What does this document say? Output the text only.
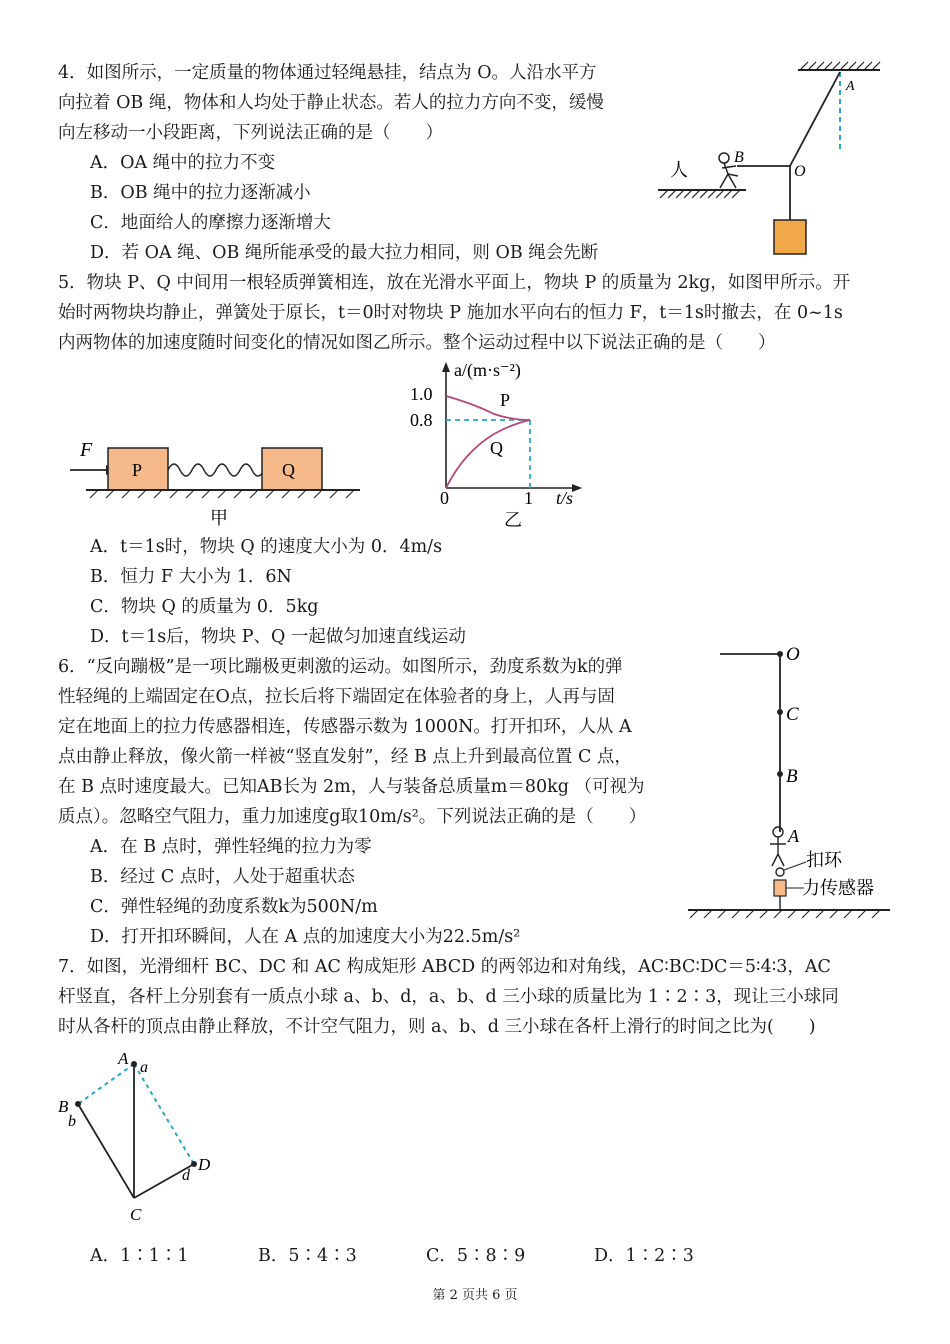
4．如图所示，一定质量的物体通过轻绳悬挂，结点为 O。人沿水平方
向拉着 OB 绳，物体和人均处于静止状态。若人的拉力方向不变，缓慢
向左移动一小段距离，下列说法正确的是（　　）
A．OA 绳中的拉力不变
B．OB 绳中的拉力逐渐减小
C．地面给人的摩擦力逐渐增大
D．若 OA 绳、OB 绳所能承受的最大拉力相同，则 OB 绳会先断
人
B
O
A
5．物块 P、Q 中间用一根轻质弹簧相连，放在光滑水平面上，物块 P 的质量为 2kg，如图甲所示。开
始时两物块均静止，弹簧处于原长，t＝0时对物块 P 施加水平向右的恒力 F，t＝1s时撤去，在 0~1s
内两物体的加速度随时间变化的情况如图乙所示。整个运动过程中以下说法正确的是（　　）
F
P	Q
甲
a/(m·s⁻²)
1.0
0.8
0	1 t/s
P
Q
乙
A．t＝1s时，物块 Q 的速度大小为 0．4m/s
B．恒力 F 大小为 1．6N
C．物块 Q 的质量为 0．5kg
D．t＝1s后，物块 P、Q 一起做匀加速直线运动
6．“反向蹦极”是一项比蹦极更刺激的运动。如图所示，劲度系数为k的弹
性轻绳的上端固定在O点，拉长后将下端固定在体验者的身上，人再与固
定在地面上的拉力传感器相连，传感器示数为 1000N。打开扣环，人从 A
点由静止释放，像火箭一样被“竖直发射”，经 B 点上升到最高位置 C 点，
在 B 点时速度最大。已知AB长为 2m，人与装备总质量m＝80kg （可视为
质点）。忽略空气阻力，重力加速度g取10m/s²。下列说法正确的是（　　）
A．在 B 点时，弹性轻绳的拉力为零
B．经过 C 点时，人处于超重状态
C．弹性轻绳的劲度系数k为500N/m
D．打开扣环瞬间，人在 A 点的加速度大小为22.5m/s²
O
C
B
A
扣环
力传感器
7．如图，光滑细杆 BC、DC 和 AC 构成矩形 ABCD 的两邻边和对角线，AC∶BC∶DC＝5∶4∶3，AC
杆竖直，各杆上分别套有一质点小球 a、b、d，a、b、d 三小球的质量比为 1∶2∶3，现让三小球同
时从各杆的顶点由静止释放，不计空气阻力，则 a、b、d 三小球在各杆上滑行的时间之比为(　　)
A a
B
b
C
D
d
A．1∶1∶1	B．5∶4∶3	C．5∶8∶9	D．1∶2∶3
第 2 页共 6 页
